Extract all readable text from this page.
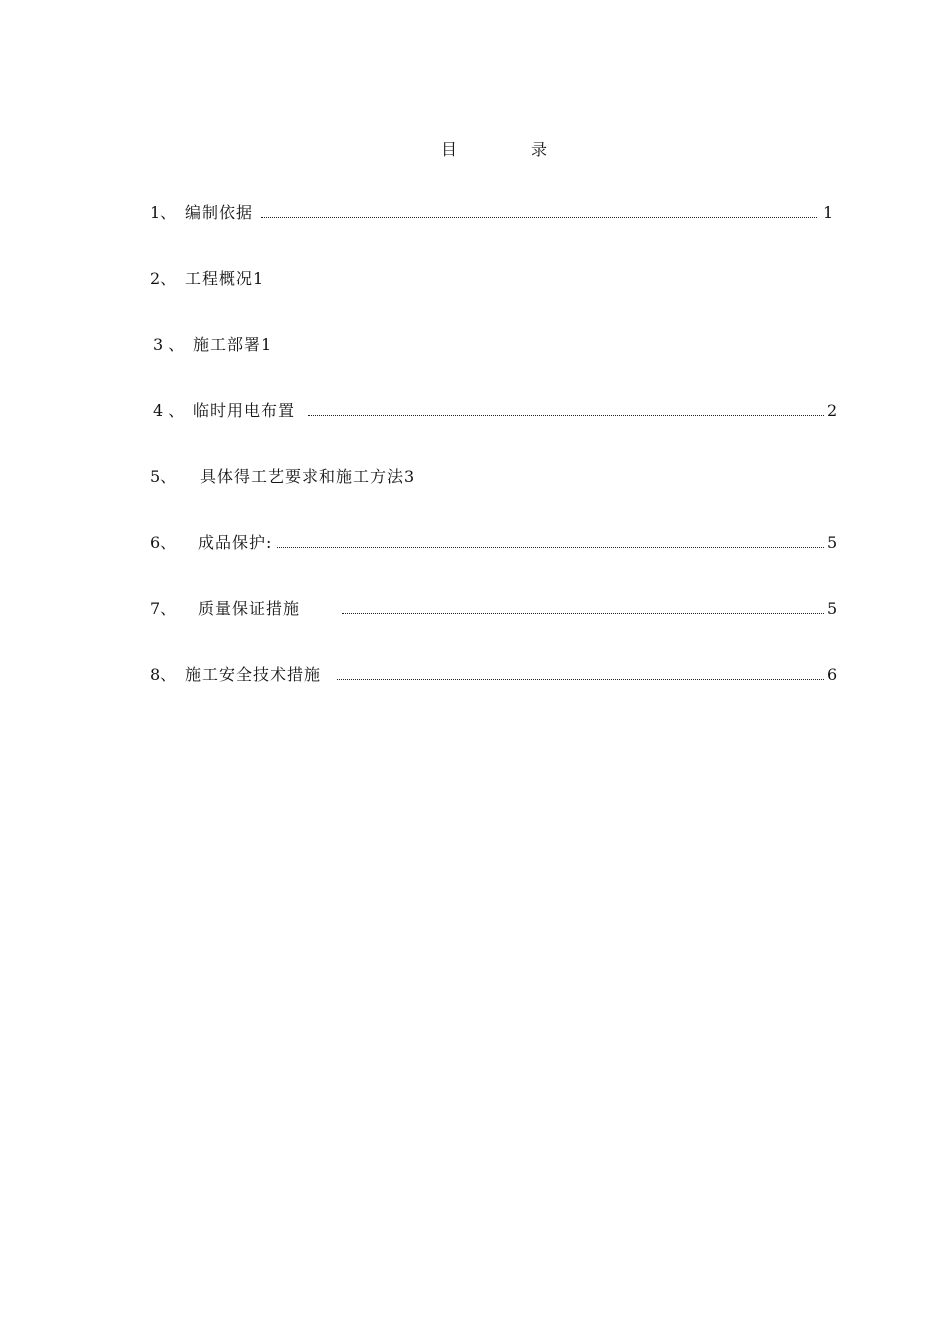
目	录
1、 编制依据	1
2、 工程概况1
3 、 施工部署1
4 、 临时用电布置	2
5、 具体得工艺要求和施工方法3
6、 成品保护:	5
7、 质量保证措施	5
8、 施工安全技术措施	6
